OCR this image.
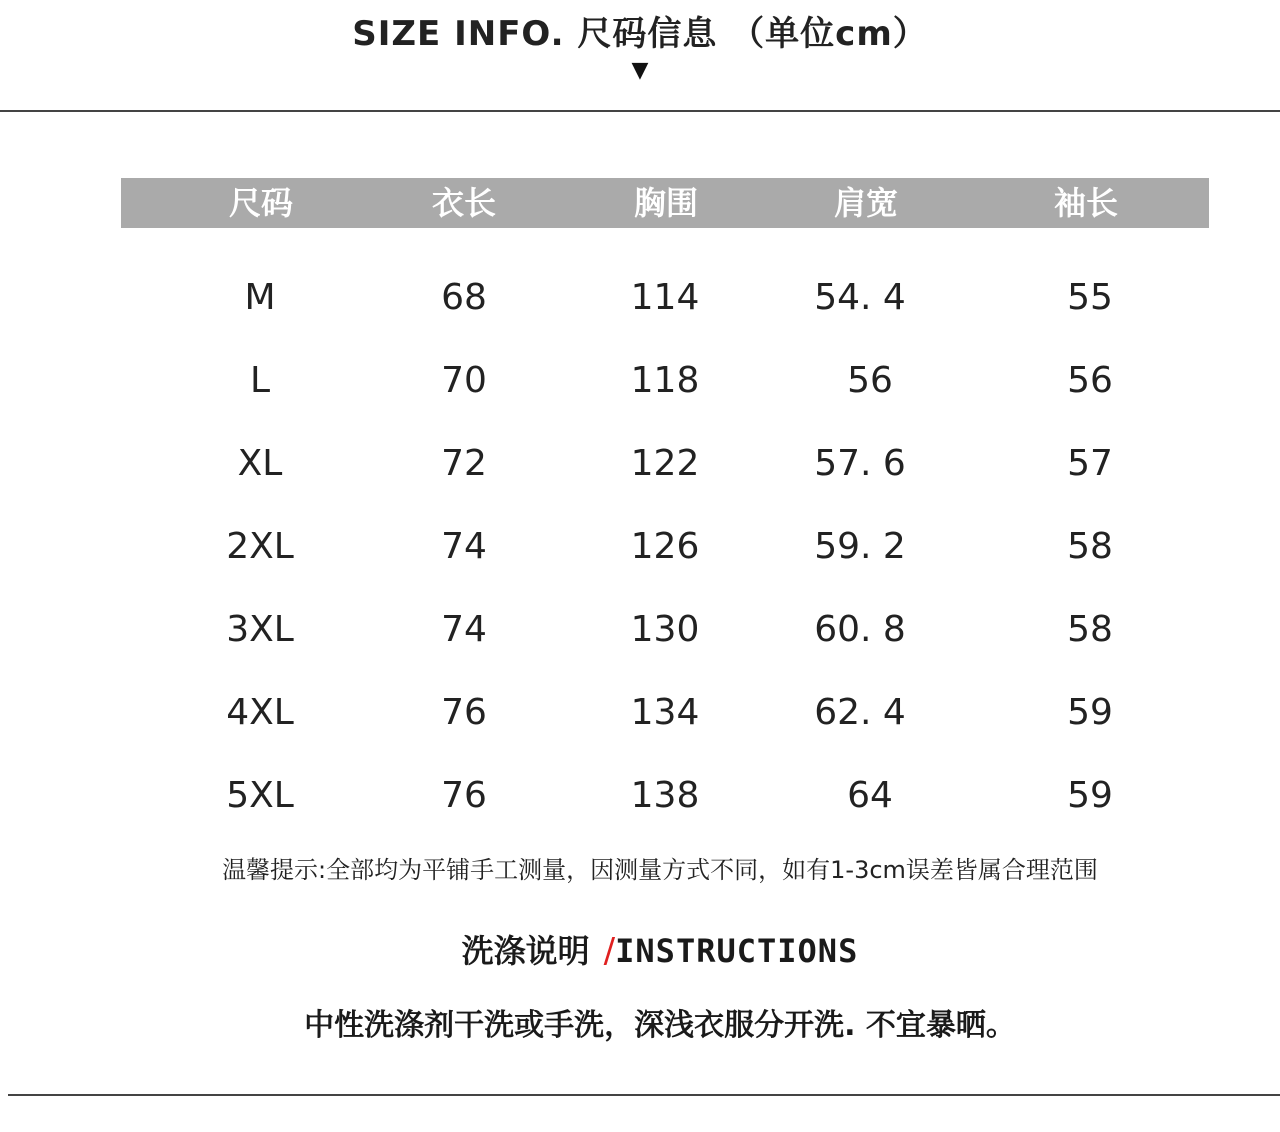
SIZE INFO. 尺码信息 （单位cm）
▼
尺码	衣长	胸围	肩宽	袖长
M	68	114	54. 4	55
L	70	118	56	56
XL	72	122	57. 6	57
2XL	74	126	59. 2	58
3XL	74	130	60. 8	58
4XL	76	134	62. 4	59
5XL	76	138	64	59
温馨提示:全部均为平铺手工测量，因测量方式不同，如有1-3cm误差皆属合理范围
洗涤说明 /INSTRUCTIONS
中性洗涤剂干洗或手洗，深浅衣服分开洗. 不宜暴晒。
